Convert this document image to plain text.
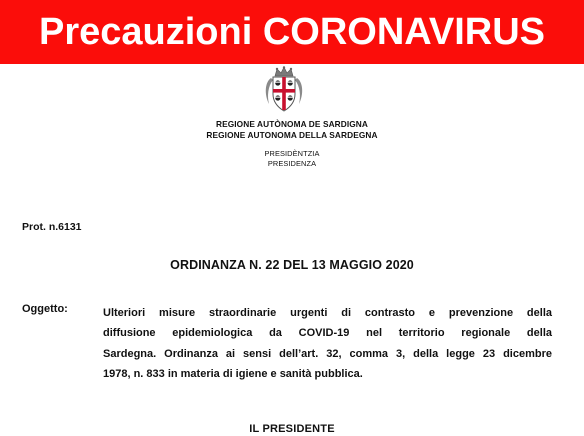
Precauzioni CORONAVIRUS
REGIONE AUTÒNOMA DE SARDIGNA
REGIONE AUTONOMA DELLA SARDEGNA
PRESIDÈNTZIA
PRESIDENZA
Prot. n.6131
ORDINANZA N. 22 DEL 13 MAGGIO 2020
Oggetto:	Ulteriori misure straordinarie urgenti di contrasto e prevenzione della
diffusione epidemiologica da COVID-19 nel territorio regionale della
Sardegna. Ordinanza ai sensi dell’art. 32, comma 3, della legge 23 dicembre
1978, n. 833 in materia di igiene e sanità pubblica.
IL PRESIDENTE
